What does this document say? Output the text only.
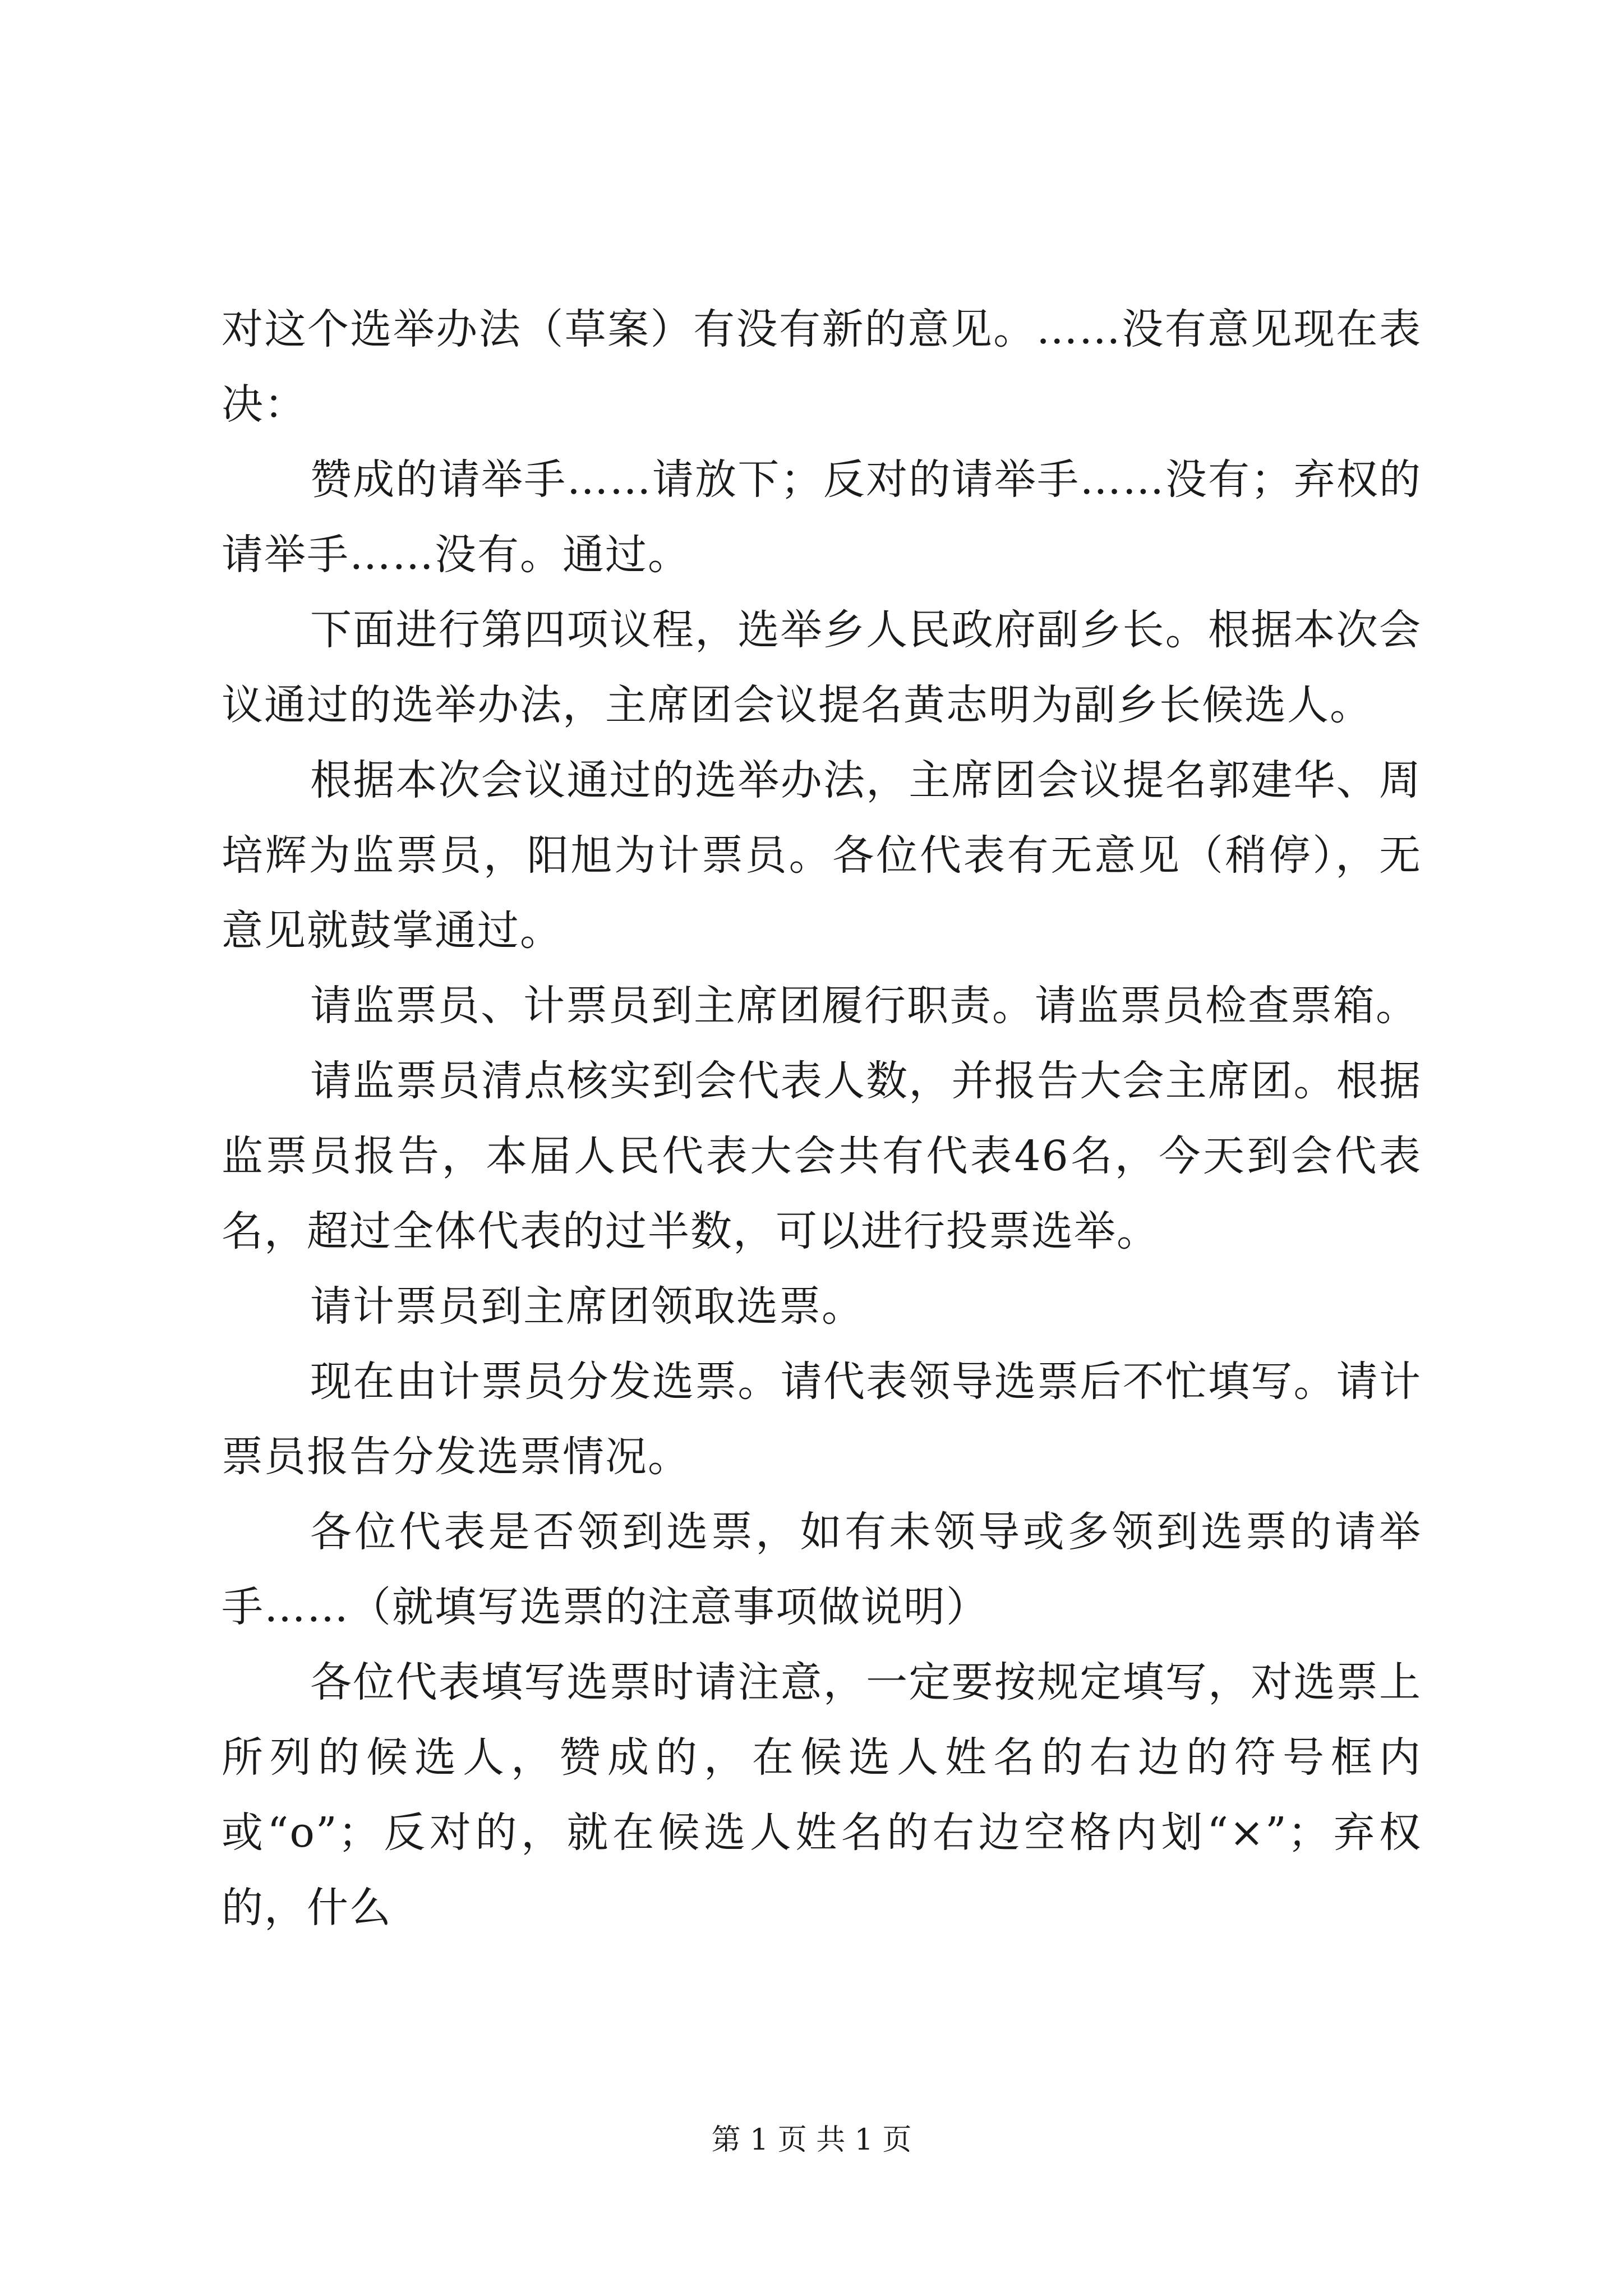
对这个选举办法（草案）有没有新的意见。……没有意见现在表决：

赞成的请举手……请放下；反对的请举手……没有；弃权的请举手……没有。通过。

下面进行第四项议程，选举乡人民政府副乡长。根据本次会议通过的选举办法，主席团会议提名黄志明为副乡长候选人。

根据本次会议通过的选举办法，主席团会议提名郭建华、周培辉为监票员，阳旭为计票员。各位代表有无意见（稍停），无意见就鼓掌通过。

请监票员、计票员到主席团履行职责。请监票员检查票箱。

请监票员清点核实到会代表人数，并报告大会主席团。根据监票员报告，本届人民代表大会共有代表46名，今天到会代表名，超过全体代表的过半数，可以进行投票选举。

请计票员到主席团领取选票。

现在由计票员分发选票。请代表领导选票后不忙填写。请计票员报告分发选票情况。

各位代表是否领到选票，如有未领导或多领到选票的请举手……（就填写选票的注意事项做说明）

各位代表填写选票时请注意，一定要按规定填写，对选票上所列的候选人，赞成的，在候选人姓名的右边的符号框内或“o”；反对的，就在候选人姓名的右边空格内划“×”；弃权的，什么

第 1 页 共 1 页
